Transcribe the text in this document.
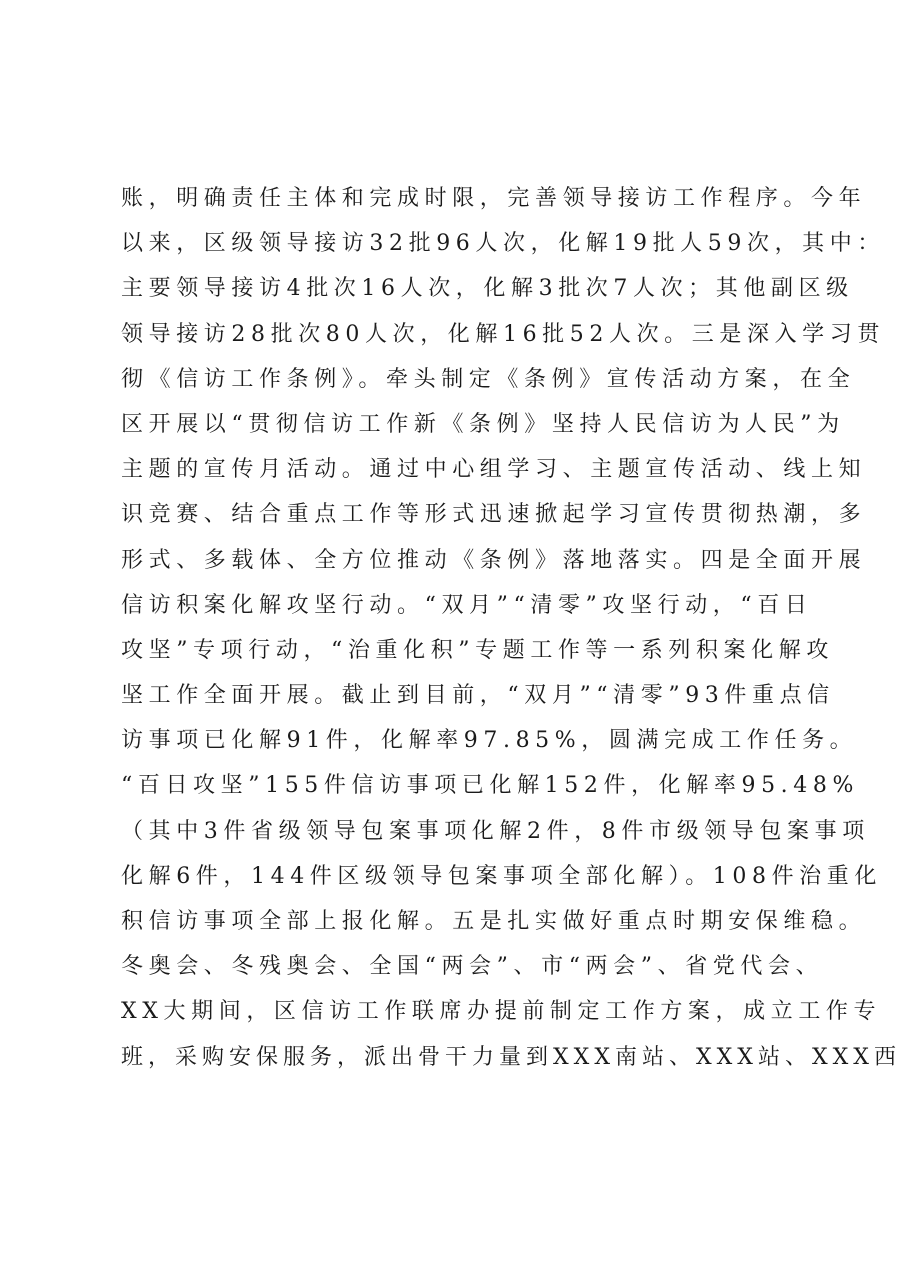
账，明确责任主体和完成时限，完善领导接访工作程序。今年
以来，区级领导接访32批96人次，化解19批人59次，其中：
主要领导接访4批次16人次，化解3批次7人次；其他副区级
领导接访28批次80人次，化解16批52人次。三是深入学习贯
彻《信访工作条例》。牵头制定《条例》宣传活动方案，在全
区开展以“贯彻信访工作新《条例》坚持人民信访为人民”为
主题的宣传月活动。通过中心组学习、主题宣传活动、线上知
识竞赛、结合重点工作等形式迅速掀起学习宣传贯彻热潮，多
形式、多载体、全方位推动《条例》落地落实。四是全面开展
信访积案化解攻坚行动。“双月”“清零”攻坚行动，“百日
攻坚”专项行动，“治重化积”专题工作等一系列积案化解攻
坚工作全面开展。截止到目前，“双月”“清零”93件重点信
访事项已化解91件，化解率97.85%，圆满完成工作任务。
“百日攻坚”155件信访事项已化解152件，化解率95.48%
（其中3件省级领导包案事项化解2件，8件市级领导包案事项
化解6件，144件区级领导包案事项全部化解）。108件治重化
积信访事项全部上报化解。五是扎实做好重点时期安保维稳。
冬奥会、冬残奥会、全国“两会”、市“两会”、省党代会、
XX大期间，区信访工作联席办提前制定工作方案，成立工作专
班，采购安保服务，派出骨干力量到XXX南站、XXX站、XXX西
